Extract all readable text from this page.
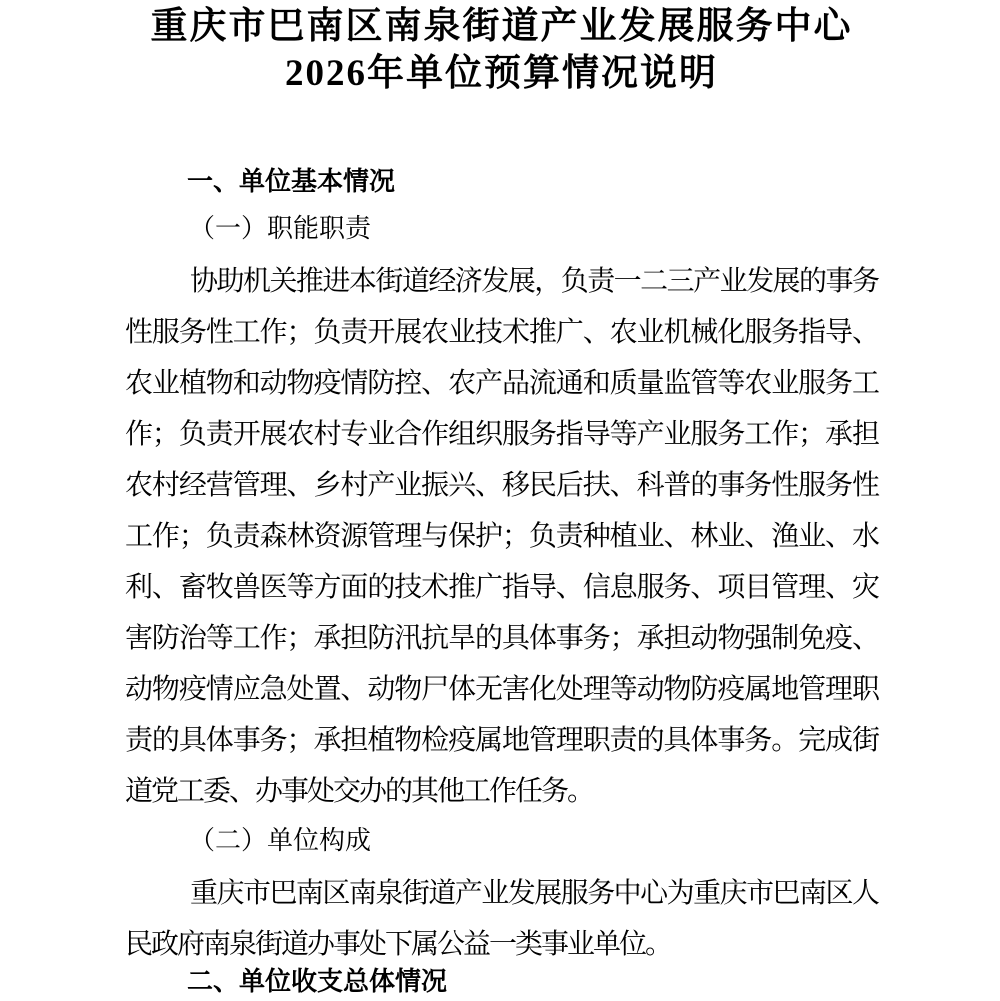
重庆市巴南区南泉街道产业发展服务中心
2026年单位预算情况说明
一、单位基本情况
（一）职能职责
协助机关推进本街道经济发展，负责一二三产业发展的事务
性服务性工作；负责开展农业技术推广、农业机械化服务指导、
农业植物和动物疫情防控、农产品流通和质量监管等农业服务工
作；负责开展农村专业合作组织服务指导等产业服务工作；承担
农村经营管理、乡村产业振兴、移民后扶、科普的事务性服务性
工作；负责森林资源管理与保护；负责种植业、林业、渔业、水
利、畜牧兽医等方面的技术推广指导、信息服务、项目管理、灾
害防治等工作；承担防汛抗旱的具体事务；承担动物强制免疫、
动物疫情应急处置、动物尸体无害化处理等动物防疫属地管理职
责的具体事务；承担植物检疫属地管理职责的具体事务。完成街
道党工委、办事处交办的其他工作任务。
（二）单位构成
重庆市巴南区南泉街道产业发展服务中心为重庆市巴南区人
民政府南泉街道办事处下属公益一类事业单位。
二、单位收支总体情况
